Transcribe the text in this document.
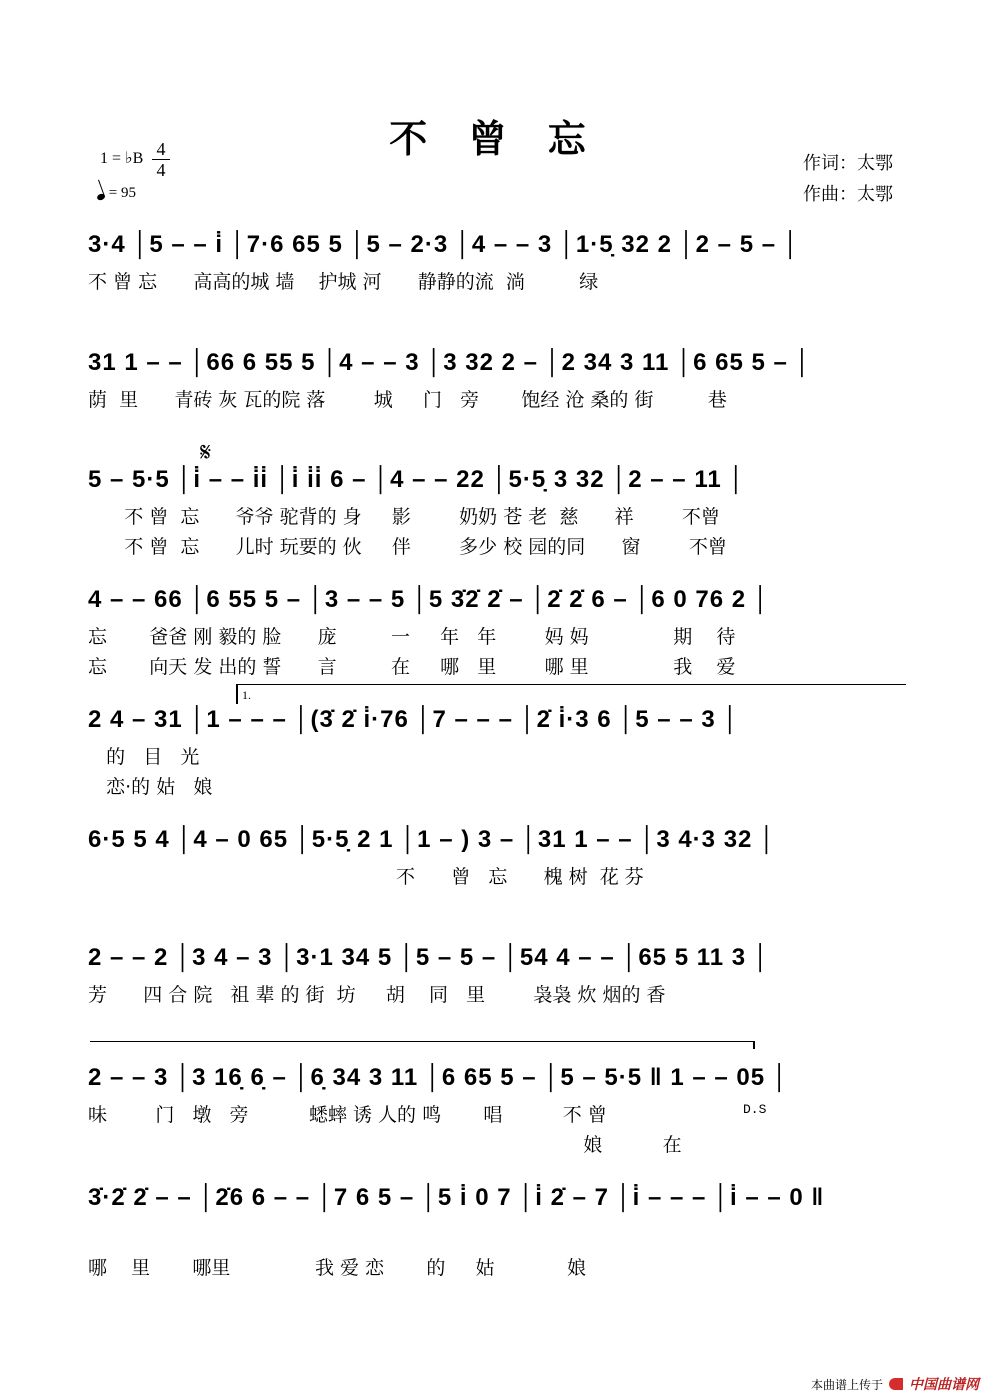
不 曾 忘
1 = ♭B 4
4
= 95
作词：太鄂
作曲：太鄂
3·4 │5 – – i̇ │7·6 65 5 │5 – 2·3 │4 – – 3 │1·5̣ 32 2 │2 – 5 – │
不 曾 忘      高高的城 墙    护城 河      静静的流  淌         绿
31 1 – – │66 6 55 5 │4 – – 3 │3 32 2 – │2 34 3 11 │6 65 5 – │
荫  里      青砖 灰 瓦的院 落        城     门   旁       饱经 沧 桑的 街         巷
𝄋
5 – 5·5 │i̇ – – i̇i̇ │i̇ i̇i̇ 6 – │4 – – 22 │5·5̣ 3 32 │2 – – 11 │
不 曾  忘      爷爷 驼背的 身     影        奶奶 苍 老  慈      祥        不曾
不 曾  忘      儿时 玩要的 伙     伴        多少 校 园的同      窗        不曾
4 – – 66 │6 55 5 – │3 – – 5 │5 3̇2̇ 2̇ – │2̇ 2̇ 6 – │6 0 76 2 │
忘       爸爸 刚 毅的 脸      庞         一     年   年        妈 妈              期    待
忘       向天 发 出的 誓      言         在     哪   里        哪 里              我    爱
1.
2 4 – 31 │1 – – – │(3̇ 2̇ i̇·76 │7 – – – │2̇ i̇·3 6 │5 – – 3 │
的   目   光
恋·的 姑   娘
6·5 5 4 │4 – 0 65 │5·5̣ 2 1 │1 – ) 3 – │31 1 – – │3 4·3 32 │
不      曾   忘      槐 树  花 芬
2 – – 2 │3 4 – 3 │3·1 34 5 │5 – 5 – │54 4 – – │65 5 11 3 │
芳      四 合 院   祖 辈 的 街  坊     胡    同   里        袅袅 炊 烟的 香
2 – – 3 │3 16̣ 6̣ – │6̣ 34 3 11 │6 65 5 – │5 – 5·5 ‖ 1 – – 05 │
D.S
味        门   墩   旁          蟋蟀 诱 人的 鸣       唱          不 曾
娘          在
3̇·2̇ 2̇ – – │2̇6 6 – – │7 6 5 – │5 i̇ 0 7 │i̇ 2̇ – 7 │i̇ – – – │i̇ – – 0 ‖
哪    里       哪里              我 爱 恋       的     姑            娘
本曲谱上传于 中国曲谱网
